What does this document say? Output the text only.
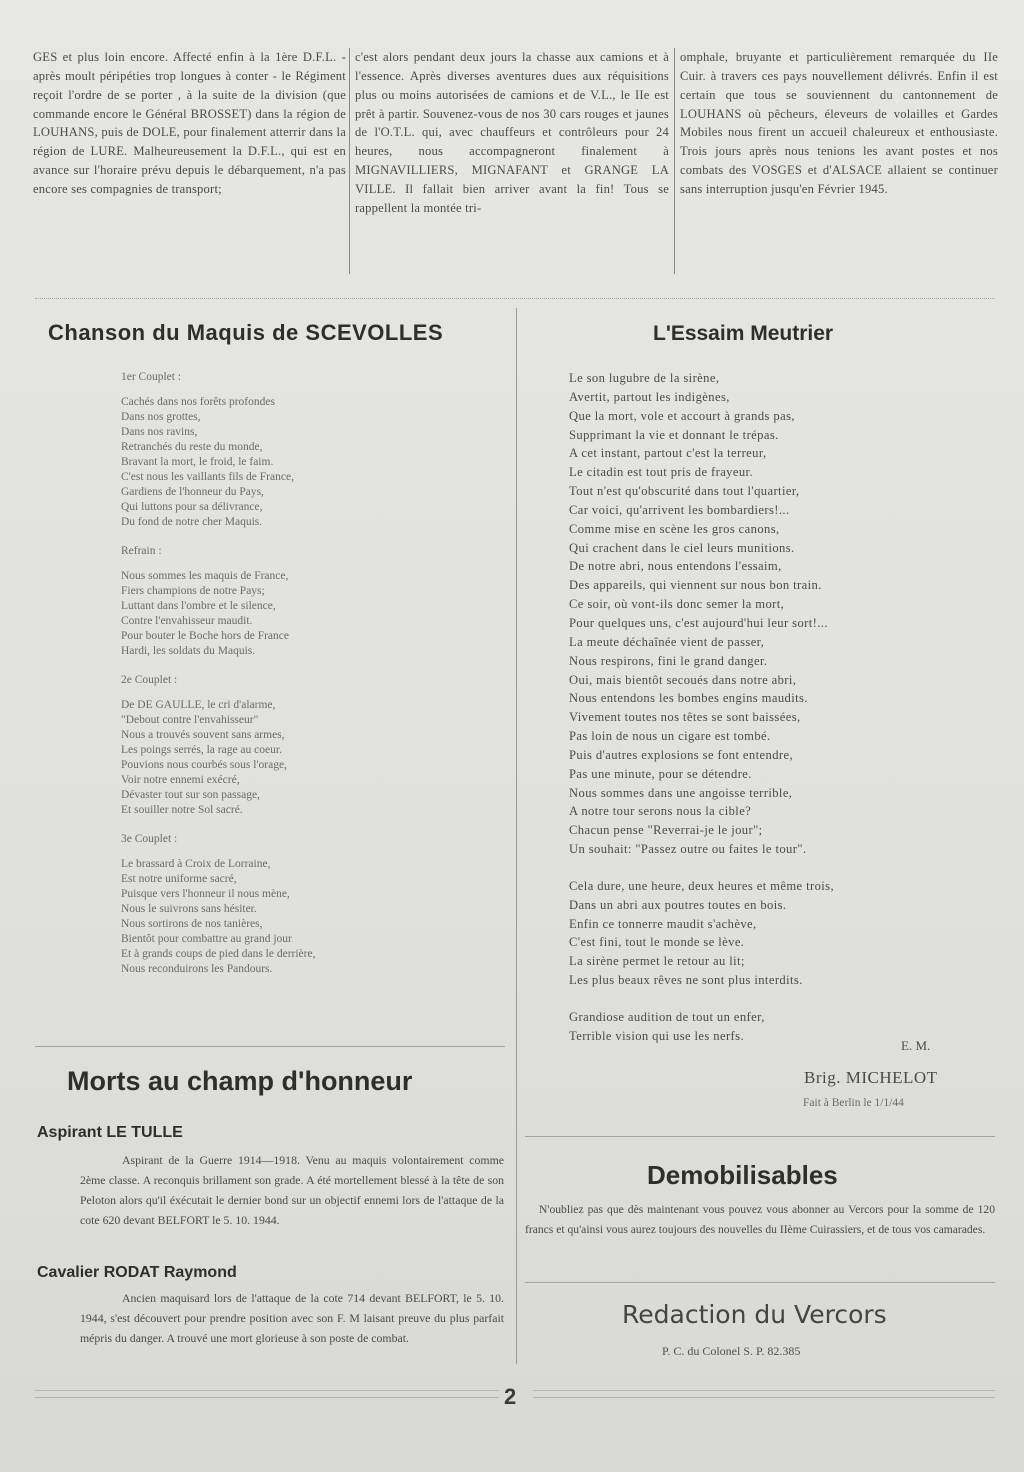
GES et plus loin encore. Affecté enfin à la 1ère D.F.L. - après moult péripéties trop longues à conter - le Régiment reçoit l'ordre de se porter , à la suite de la division (que commande encore le Général BROSSET) dans la région de LOUHANS, puis de DOLE, pour finalement atterrir dans la région de LURE. Malheureusement la D.F.L., qui est en avance sur l'horaire prévu depuis le débarquement, n'a pas encore ses compagnies de transport;

c'est alors pendant deux jours la chasse aux camions et à l'essence. Après diverses aventures dues aux réquisitions plus ou moins autorisées de camions et de V.L., le IIe est prêt à partir. Souvenez-vous de nos 30 cars rouges et jaunes de l'O.T.L. qui, avec chauffeurs et contrôleurs pour 24 heures, nous accompagneront finalement à MIGNAVILLIERS, MIGNAFANT et GRANGE LA VILLE. Il fallait bien arriver avant la fin! Tous se rappellent la montée tri-

omphale, bruyante et particulièrement remarquée du IIe Cuir. à travers ces pays nouvellement délivrés. Enfin il est certain que tous se souviennent du cantonnement de LOUHANS où pêcheurs, éleveurs de volailles et Gardes Mobiles nous firent un accueil chaleureux et enthousiaste. Trois jours après nous tenions les avant postes et nos combats des VOSGES et d'ALSACE allaient se continuer sans interruption jusqu'en Février 1945.

Chanson du Maquis de SCEVOLLES

1er Couplet :

Cachés dans nos forêts profondes
Dans nos grottes,
Dans nos ravins,
Retranchés du reste du monde,
Bravant la mort, le froid, le faim.
C'est nous les vaillants fils de France,
Gardiens de l'honneur du Pays,
Qui luttons pour sa délivrance,
Du fond de notre cher Maquis.

Refrain :

Nous sommes les maquis de France,
Fiers champions de notre Pays;
Luttant dans l'ombre et le silence,
Contre l'envahisseur maudit.
Pour bouter le Boche hors de France
Hardi, les soldats du Maquis.

2e Couplet :

De DE GAULLE, le cri d'alarme,
"Debout contre l'envahisseur"
Nous a trouvés souvent sans armes,
Les poings serrés, la rage au coeur.
Pouvions nous courbés sous l'orage,
Voir notre ennemi exécré,
Dévaster tout sur son passage,
Et souiller notre Sol sacré.

3e Couplet :

Le brassard à Croix de Lorraine,
Est notre uniforme sacré,
Puisque vers l'honneur il nous mène,
Nous le suivrons sans hésiter.
Nous sortirons de nos tanières,
Bientôt pour combattre au grand jour
Et à grands coups de pied dans le derrière,
Nous reconduirons les Pandours.
L'Essaim Meutrier
Le son lugubre de la sirène,
Avertit, partout les indigènes,
Que la mort, vole et accourt à grands pas,
Supprimant la vie et donnant le trépas.
A cet instant, partout c'est la terreur,
Le citadin est tout pris de frayeur.
Tout n'est qu'obscurité dans tout l'quartier,
Car voici, qu'arrivent les bombardiers!...
Comme mise en scène les gros canons,
Qui crachent dans le ciel leurs munitions.
De notre abri, nous entendons l'essaim,
Des appareils, qui viennent sur nous bon train.
Ce soir, où vont-ils donc semer la mort,
Pour quelques uns, c'est aujourd'hui leur sort!...
La meute déchaînée vient de passer,
Nous respirons, fini le grand danger.
Oui, mais bientôt secoués dans notre abri,
Nous entendons les bombes engins maudits.
Vivement toutes nos têtes se sont baissées,
Pas loin de nous un cigare est tombé.
Puis d'autres explosions se font entendre,
Pas une minute, pour se détendre.
Nous sommes dans une angoisse terrible,
A notre tour serons nous la cible?
Chacun pense "Reverrai-je le jour";
Un souhait: "Passez outre ou faites le tour".
Cela dure, une heure, deux heures et même trois,
Dans un abri aux poutres toutes en bois.
Enfin ce tonnerre maudit s'achève,
C'est fini, tout le monde se lève.
La sirène permet le retour au lit;
Les plus beaux rêves ne sont plus interdits.
Grandiose audition de tout un enfer,
Terrible vision qui use les nerfs.
E. M.
Brig. MICHELOT
Fait à Berlin le 1/1/44
Morts au champ d'honneur
Aspirant LE TULLE

Aspirant de la Guerre 1914—1918. Venu au maquis volontairement comme 2ème classe. A reconquis brillament son grade. A été mortellement blessé à la tête de son Peloton alors qu'il éxécutait le dernier bond sur un objectif ennemi lors de l'attaque de la cote 620 devant BELFORT le 5. 10. 1944.

Cavalier RODAT Raymond

Ancien maquisard lors de l'attaque de la cote 714 devant BELFORT, le 5. 10. 1944, s'est découvert pour prendre position avec son F. M laisant preuve du plus parfait mépris du danger. A trouvé une mort glorieuse à son poste de combat.

Demobilisables

N'oubliez pas que dès maintenant vous pouvez vous abonner au Vercors pour la somme de 120 francs et qu'ainsi vous aurez toujours des nouvelles du IIème Cuirassiers, et de tous vos camarades.

Redaction du Vercors
P. C. du Colonel S. P. 82.385
2
